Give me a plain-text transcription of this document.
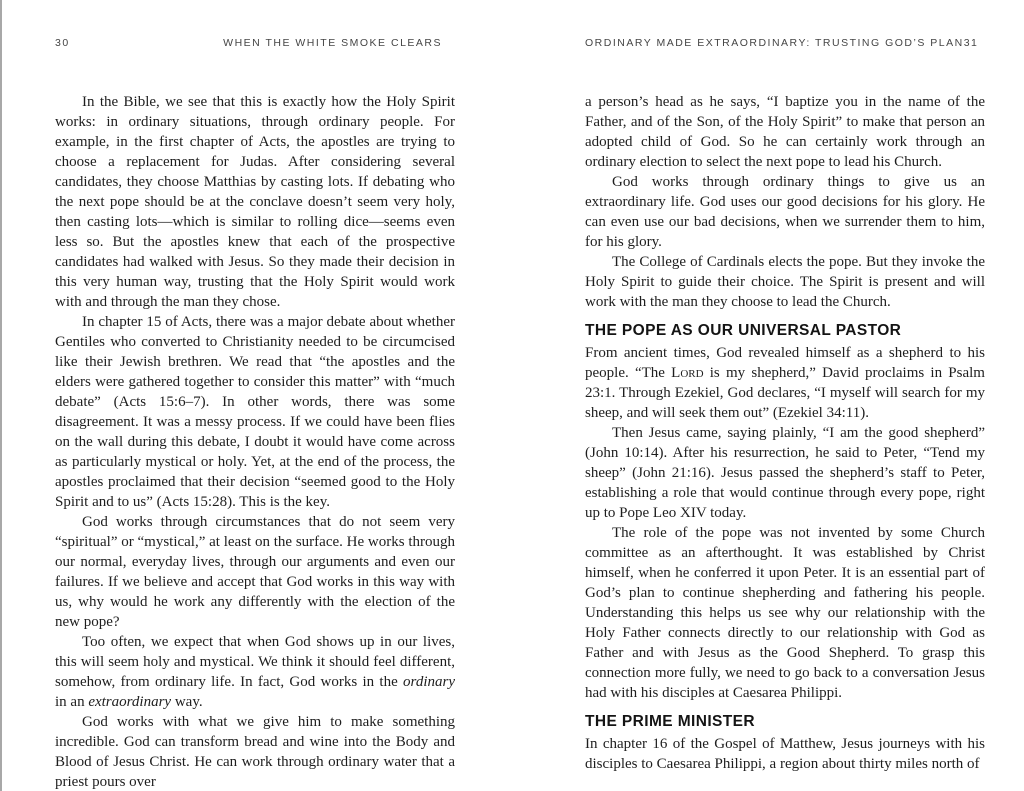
30	WHEN THE WHITE SMOKE CLEARS

In the Bible, we see that this is exactly how the Holy Spirit works: in ordinary situations, through ordinary people. For example, in the first chapter of Acts, the apostles are trying to choose a replacement for Judas. After considering several candidates, they choose Matthias by casting lots. If debating who the next pope should be at the conclave doesn’t seem very holy, then casting lots—which is similar to rolling dice—seems even less so. But the apostles knew that each of the prospective candidates had walked with Jesus. So they made their decision in this very human way, trusting that the Holy Spirit would work with and through the man they chose.

In chapter 15 of Acts, there was a major debate about whether Gentiles who converted to Christianity needed to be circumcised like their Jewish brethren. We read that “the apostles and the elders were gathered together to consider this matter” with “much debate” (Acts 15:6–7). In other words, there was some disagreement. It was a messy process. If we could have been flies on the wall during this debate, I doubt it would have come across as particularly mystical or holy. Yet, at the end of the process, the apostles proclaimed that their decision “seemed good to the Holy Spirit and to us” (Acts 15:28). This is the key.

God works through circumstances that do not seem very “spiritual” or “mystical,” at least on the surface. He works through our normal, everyday lives, through our arguments and even our failures. If we believe and accept that God works in this way with us, why would he work any differently with the election of the new pope?

Too often, we expect that when God shows up in our lives, this will seem holy and mystical. We think it should feel different, somehow, from ordinary life. In fact, God works in the ordinary in an extraordinary way.

God works with what we give him to make something incredible. God can transform bread and wine into the Body and Blood of Jesus Christ. He can work through ordinary water that a priest pours over

ORDINARY MADE EXTRAORDINARY: TRUSTING GOD’S PLAN 31

a person’s head as he says, “I baptize you in the name of the Father, and of the Son, of the Holy Spirit” to make that person an adopted child of God. So he can certainly work through an ordinary election to select the next pope to lead his Church.

God works through ordinary things to give us an extraordinary life. God uses our good decisions for his glory. He can even use our bad decisions, when we surrender them to him, for his glory.

The College of Cardinals elects the pope. But they invoke the Holy Spirit to guide their choice. The Spirit is present and will work with the man they choose to lead the Church.

THE POPE AS OUR UNIVERSAL PASTOR

From ancient times, God revealed himself as a shepherd to his people. “The Lord is my shepherd,” David proclaims in Psalm 23:1. Through Ezekiel, God declares, “I myself will search for my sheep, and will seek them out” (Ezekiel 34:11).

Then Jesus came, saying plainly, “I am the good shepherd” (John 10:14). After his resurrection, he said to Peter, “Tend my sheep” (John 21:16). Jesus passed the shepherd’s staff to Peter, establishing a role that would continue through every pope, right up to Pope Leo XIV today.

The role of the pope was not invented by some Church committee as an afterthought. It was established by Christ himself, when he conferred it upon Peter. It is an essential part of God’s plan to continue shepherding and fathering his people. Understanding this helps us see why our relationship with the Holy Father connects directly to our relationship with God as Father and with Jesus as the Good Shepherd. To grasp this connection more fully, we need to go back to a conversation Jesus had with his disciples at Caesarea Philippi.

THE PRIME MINISTER

In chapter 16 of the Gospel of Matthew, Jesus journeys with his disciples to Caesarea Philippi, a region about thirty miles north of
